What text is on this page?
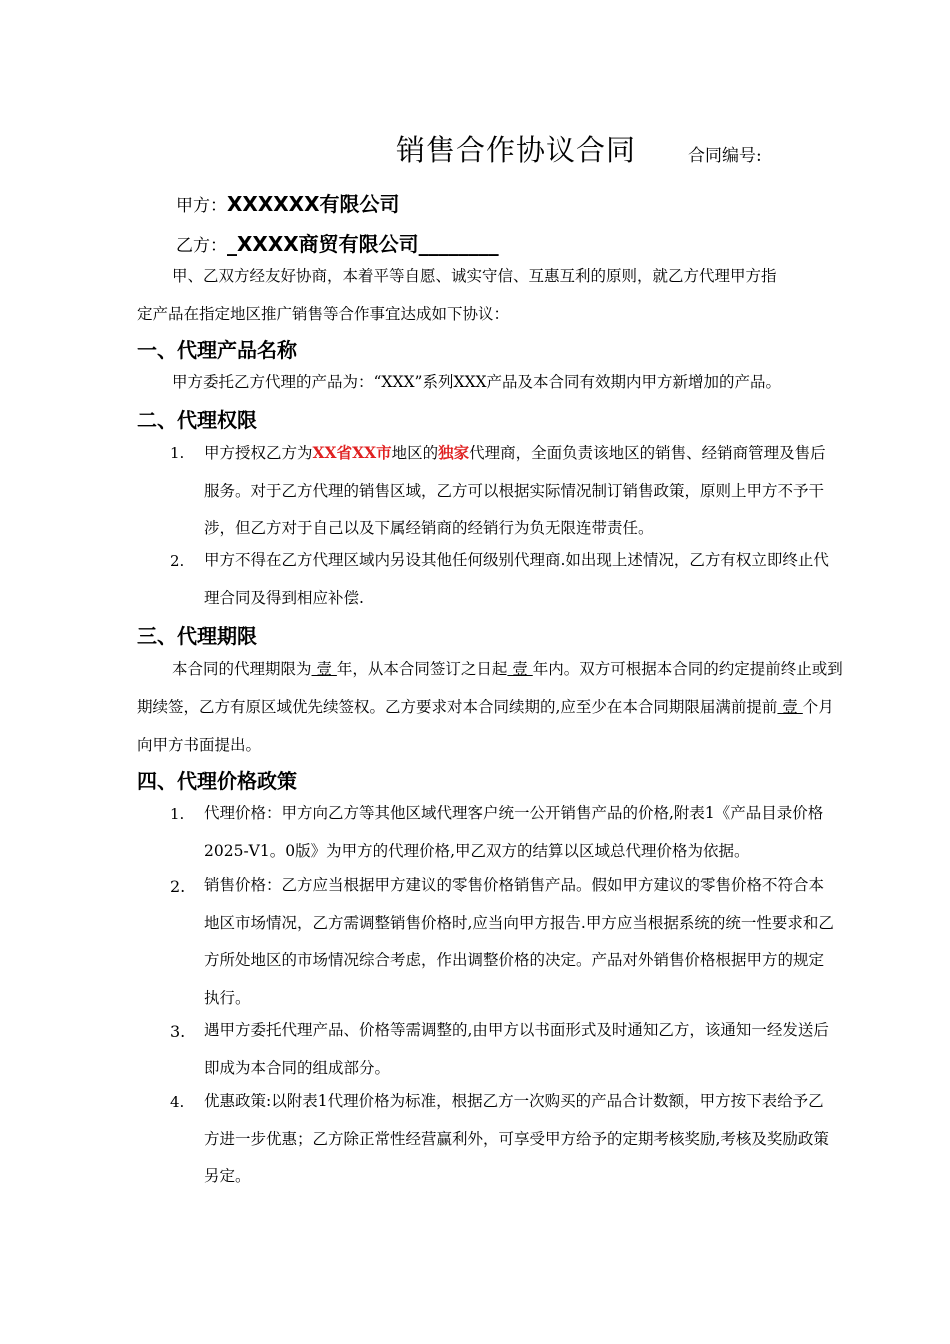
销售合作协议合同	合同编号:
甲方：XXXXXX有限公司
乙方：_XXXX商贸有限公司________
甲、乙双方经友好协商，本着平等自愿、诚实守信、互惠互利的原则，就乙方代理甲方指
定产品在指定地区推广销售等合作事宜达成如下协议：
一、代理产品名称
甲方委托乙方代理的产品为：“XXX”系列XXX产品及本合同有效期内甲方新增加的产品。
二、代理权限
1. 甲方授权乙方为XX省XX市地区的独家代理商，全面负责该地区的销售、经销商管理及售后服务。对于乙方代理的销售区域，乙方可以根据实际情况制订销售政策，原则上甲方不予干涉，但乙方对于自己以及下属经销商的经销行为负无限连带责任。
2. 甲方不得在乙方代理区域内另设其他任何级别代理商.如出现上述情况，乙方有权立即终止代理合同及得到相应补偿.
三、代理期限
本合同的代理期限为 壹 年，从本合同签订之日起 壹 年内。双方可根据本合同的约定提前终止或到期续签，乙方有原区域优先续签权。乙方要求对本合同续期的,应至少在本合同期限届满前提前 壹 个月向甲方书面提出。
四、代理价格政策
1. 代理价格：甲方向乙方等其他区域代理客户统一公开销售产品的价格,附表1《产品目录价格2025-V1。0版》为甲方的代理价格,甲乙双方的结算以区域总代理价格为依据。
2. 销售价格：乙方应当根据甲方建议的零售价格销售产品。假如甲方建议的零售价格不符合本地区市场情况，乙方需调整销售价格时,应当向甲方报告.甲方应当根据系统的统一性要求和乙方所处地区的市场情况综合考虑，作出调整价格的决定。产品对外销售价格根据甲方的规定执行。
3. 遇甲方委托代理产品、价格等需调整的,由甲方以书面形式及时通知乙方，该通知一经发送后即成为本合同的组成部分。
4. 优惠政策:以附表1代理价格为标准，根据乙方一次购买的产品合计数额，甲方按下表给予乙方进一步优惠；乙方除正常性经营赢利外，可享受甲方给予的定期考核奖励,考核及奖励政策另定。
